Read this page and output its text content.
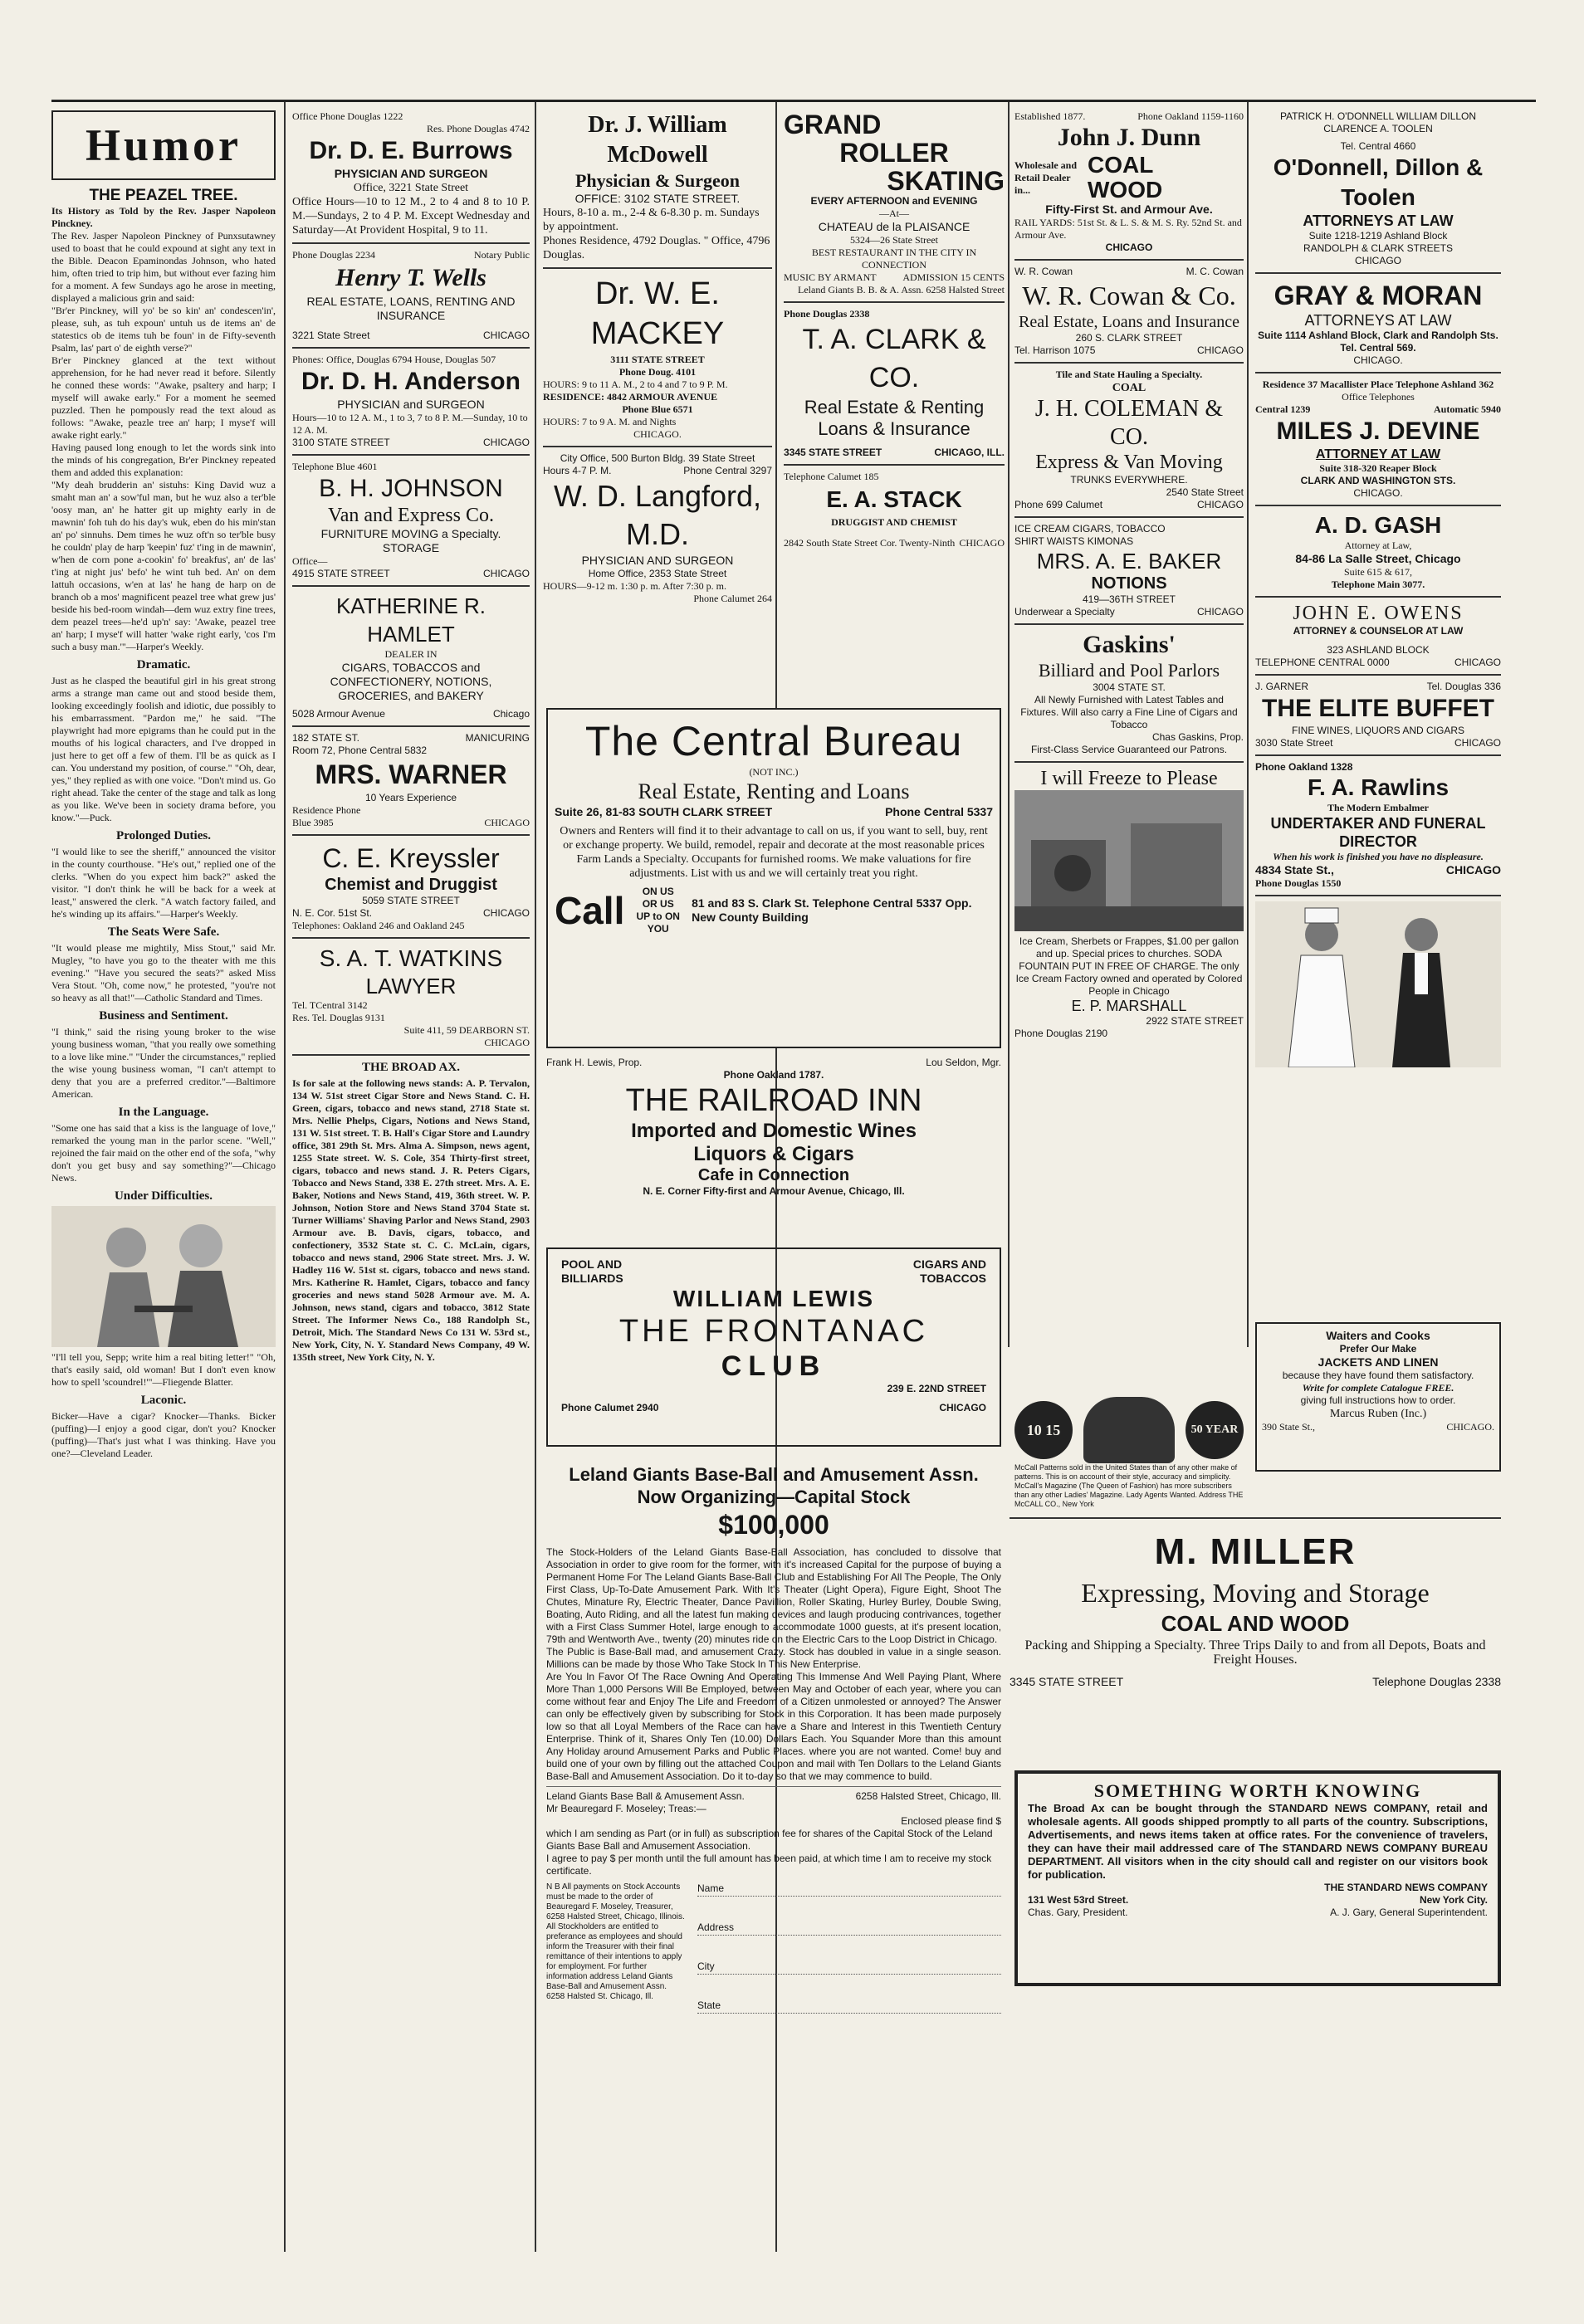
Humor
THE PEAZEL TREE.
Its History as Told by the Rev. Jasper Napoleon Pinckney.
The Rev. Jasper Napoleon Pinckney of Punxsutawney used to boast that he could expound at sight any text in the Bible. Deacon Epaminondas Johnson, who hated him, often tried to trip him, but without ever fazing him for a moment. A few Sundays ago he arose in meeting, displayed a malicious grin and said:
"Br'er Pinckney, will yo' be so kin' an' condescen'in', please, suh, as tuh expoun' untuh us de items an' de statestics ob de items tuh be foun' in de Fifty-seventh Psalm, las' part o' de eighth verse?"
Br'er Pinckney glanced at the text without apprehension, for he had never read it before. Silently he conned these words: "Awake, psaltery and harp; I myself will awake early." For a moment he seemed puzzled. Then he pompously read the text aloud as follows: "Awake, peazle tree an' harp; I myse'f will awake right early."
Having paused long enough to let the words sink into the minds of his congregation, Br'er Pinckney repeated them and added this explanation:
"My deah brudderin an' sistuhs: King David wuz a smaht man an' a sow'ful man, but he wuz also a ter'ble 'oosy man, an' he hatter git up mighty early in de mawnin' foh tuh do his day's wuk, eben do his min'stan an' po' sinnuhs. Dem times he wuz oft'n so ter'ble busy he couldn' play de harp 'keepin' fuz' t'ing in de mawnin', w'hen de corn pone a-cookin' fo' breakfus', an' de las' t'ing at night jus' befo' he wint tuh bed. An' on dem lattuh occasions, w'en at las' he hang de harp on de branch ob a mos' magnificent peazel tree what grew jus' beside his bed-room windah—dem wuz extry fine trees, dem peazel trees—he'd up'n' say: 'Awake, peazel tree an' harp; I myse'f will hatter 'wake right early, 'cos I'm such a busy man.'"—Harper's Weekly.
Dramatic.
Just as he clasped the beautiful girl in his great strong arms a strange man came out and stood beside them, looking exceedingly foolish and idiotic, due possibly to his embarrassment. "Pardon me," he said. "The playwright had more epigrams than he could put in the mouths of his logical characters, and I've dropped in just here to get off a few of them. I'll be as quick as I can. You understand my position, of course." "Oh, dear, yes," they replied as with one voice. "Don't mind us. Go right ahead. Take the center of the stage and talk as long as you like. We've been in society drama before, you know."—Puck.
Prolonged Duties.
"I would like to see the sheriff," announced the visitor in the county courthouse. "He's out," replied one of the clerks. "When do you expect him back?" asked the visitor. "I don't think he will be back for a week at least," answered the clerk. "A watch factory failed, and he's winding up its affairs."—Harper's Weekly.
The Seats Were Safe.
"It would please me mightily, Miss Stout," said Mr. Mugley, "to have you go to the theater with me this evening." "Have you secured the seats?" asked Miss Vera Stout. "Oh, come now," he protested, "you're not so heavy as all that!"—Catholic Standard and Times.
Business and Sentiment.
"I think," said the rising young broker to the wise young business woman, "that you really owe something to a love like mine." "Under the circumstances," replied the wise young business woman, "I can't attempt to deny that you are a preferred creditor."—Baltimore American.
In the Language.
"Some one has said that a kiss is the language of love," remarked the young man in the parlor scene. "Well," rejoined the fair maid on the other end of the sofa, "why don't you get busy and say something?"—Chicago News.
Under Difficulties.
"I'll tell you, Sepp; write him a real biting letter!" "Oh, that's easily said, old woman! But I don't even know how to spell 'scoundrel!'"—Fliegende Blatter.
Laconic.
Bicker—Have a cigar? Knocker—Thanks. Bicker (puffing)—I enjoy a good cigar, don't you? Knocker (puffing)—That's just what I was thinking. Have you one?—Cleveland Leader.
Office Phone Douglas 1222
Res. Phone Douglas 4742
Dr. D. E. Burrows
PHYSICIAN AND SURGEON
Office, 3221 State Street
Office Hours—10 to 12 M., 2 to 4 and 8 to 10 P. M.—Sundays, 2 to 4 P. M. Except Wednesday and Saturday—At Provident Hospital, 9 to 11.
Phone Douglas 2234	Notary Public
Henry T. Wells
REAL ESTATE, LOANS, RENTING AND INSURANCE
3221 State Street	CHICAGO
Phones: Office, Douglas 6794 House, Douglas 507
Dr. D. H. Anderson
PHYSICIAN and SURGEON
Hours—10 to 12 A. M., 1 to 3, 7 to 8 P. M.—Sunday, 10 to 12 A. M.
3100 STATE STREET	CHICAGO
Telephone Blue 4601
B. H. JOHNSON
Van and Express Co.
FURNITURE MOVING a Specialty. STORAGE
Office—
4915 STATE STREET	CHICAGO
KATHERINE R. HAMLET
DEALER IN
CIGARS, TOBACCOS and CONFECTIONERY, NOTIONS, GROCERIES, and BAKERY
5028 Armour Avenue	Chicago
182 STATE ST.	MANICURING
Room 72, Phone Central 5832
MRS. WARNER
10 Years Experience
Residence Phone
Blue 3985	CHICAGO
C. E. Kreyssler
Chemist and Druggist
5059 STATE STREET
N. E. Cor. 51st St.	CHICAGO
Telephones: Oakland 246 and Oakland 245
S. A. T. WATKINS
LAWYER
Tel. TCentral 3142
Res. Tel. Douglas 9131
Suite 411, 59 DEARBORN ST.
CHICAGO
THE BROAD AX.
Is for sale at the following news stands: A. P. Tervalon, 134 W. 51st street Cigar Store and News Stand. C. H. Green, cigars, tobacco and news stand, 2718 State st. Mrs. Nellie Phelps, Cigars, Notions and News Stand, 131 W. 51st street. T. B. Hall's Cigar Store and Laundry office, 381 29th St. Mrs. Alma A. Simpson, news agent, 1255 State street. W. S. Cole, 354 Thirty-first street, cigars, tobacco and news stand. J. R. Peters Cigars, Tobacco and News Stand, 338 E. 27th street. Mrs. A. E. Baker, Notions and News Stand, 419, 36th street. W. P. Johnson, Notion Store and News Stand 3704 State st. Turner Williams' Shaving Parlor and News Stand, 2903 Armour ave. B. Davis, cigars, tobacco, and confectionery, 3532 State st. C. C. McLain, cigars, tobacco and news stand, 2906 State street. Mrs. J. W. Hadley 116 W. 51st st. cigars, tobacco and news stand. Mrs. Katherine R. Hamlet, Cigars, tobacco and fancy groceries and news stand 5028 Armour ave. M. A. Johnson, news stand, cigars and tobacco, 3812 State Street. The Informer News Co., 188 Randolph St., Detroit, Mich. The Standard News Co 131 W. 53rd st., New York, City, N. Y. Standard News Company, 49 W. 135th street, New York City, N. Y.
Dr. J. William McDowell
Physician & Surgeon
OFFICE: 3102 STATE STREET.
Hours, 8-10 a. m., 2-4 & 6-8.30 p. m. Sundays by appointment.
Phones Residence, 4792 Douglas. " Office, 4796 Douglas.
Dr. W. E. MACKEY
3111 STATE STREET
Phone Doug. 4101
HOURS: 9 to 11 A. M., 2 to 4 and 7 to 9 P. M.
RESIDENCE: 4842 ARMOUR AVENUE
Phone Blue 6571
HOURS: 7 to 9 A. M. and Nights
CHICAGO.
City Office, 500 Burton Bldg. 39 State Street
Hours 4-7 P. M.	Phone Central 3297
W. D. Langford, M.D.
PHYSICIAN AND SURGEON
Home Office, 2353 State Street
HOURS—9-12 m. 1:30 p. m. After 7:30 p. m.
Phone Calumet 264
GRAND
ROLLER
SKATING
EVERY AFTERNOON and EVENING
—At—
CHATEAU de la PLAISANCE
5324—26 State Street
BEST RESTAURANT IN THE CITY IN CONNECTION
MUSIC BY ARMANT	ADMISSION 15 CENTS
Leland Giants B. B. & A. Assn. 6258 Halsted Street
Phone Douglas 2338
T. A. CLARK & CO.
Real Estate & Renting
Loans & Insurance
3345 STATE STREET	CHICAGO, ILL.
Telephone Calumet 185
E. A. STACK
DRUGGIST AND CHEMIST
2842 South State Street Cor. Twenty-Ninth CHICAGO
The Central Bureau
(NOT INC.)
Real Estate, Renting and Loans
Suite 26, 81-83 SOUTH CLARK STREET	Phone Central 5337
Owners and Renters will find it to their advantage to call on us, if you want to sell, buy, rent or exchange property. We build, remodel, repair and decorate at the most reasonable prices Farm Lands a Specialty. Occupants for furnished rooms. We make valuations for fire adjustments. List with us and we will certainly treat you right.
Call	ON US OR US UP to ON YOU
81 and 83 S. Clark St. Telephone Central 5337 Opp. New County Building
Frank H. Lewis, Prop.	Lou Seldon, Mgr.
Phone Oakland 1787.
THE RAILROAD INN
Imported and Domestic Wines
Liquors & Cigars
Cafe in Connection
N. E. Corner Fifty-first and Armour Avenue, Chicago, Ill.
POOL AND BILLIARDS
CIGARS AND TOBACCOS
WILLIAM LEWIS
THE FRONTANAC
CLUB
239 E. 22ND STREET
Phone Calumet 2940	CHICAGO
Leland Giants Base-Ball and Amusement Assn.
Now Organizing—Capital Stock
$100,000
The Stock-Holders of the Leland Giants Base-Ball Association, has concluded to dissolve that Association in order to give room for the former, with it's increased Capital for the purpose of buying a Permanent Home For The Leland Giants Base-Ball Club and Establishing For All The People, The Only First Class, Up-To-Date Amusement Park. With It's Theater (Light Opera), Figure Eight, Shoot The Chutes, Minature Ry, Electric Theater, Dance Pavillion, Roller Skating, Hurley Burley, Double Swing, Boating, Auto Riding, and all the latest fun making devices and laugh producing contrivances, together with a First Class Summer Hotel, large enough to accommodate 1000 guests, at it's present location, 79th and Wentworth Ave., twenty (20) minutes ride on the Electric Cars to the Loop District in Chicago.
The Public is Base-Ball mad, and amusement Crazy. Stock has doubled in value in a single season. Millions can be made by those Who Take Stock In This New Enterprise.
Are You In Favor Of The Race Owning And Operating This Immense And Well Paying Plant, Where More Than 1,000 Persons Will Be Employed, between May and October of each year, where you can come without fear and Enjoy The Life and Freedom of a Citizen unmolested or annoyed? The Answer can only be effectively given by subscribing for Stock in this Corporation. It has been made purposely low so that all Loyal Members of the Race can have a Share and Interest in this Twentieth Century Enterprise. Think of it, Shares Only Ten (10.00) Dollars Each. You Squander More than this amount Any Holiday around Amusement Parks and Public Places. where you are not wanted. Come! buy and build one of your own by filling out the attached Coupon and mail with Ten Dollars to the Leland Giants Base-Ball and Amusement Association. Do it to-day so that we may commence to build.
Leland Giants Base Ball & Amusement Assn.	6258 Halsted Street, Chicago, Ill.
Mr Beauregard F. Moseley; Treas:—
Enclosed please find $
which I am sending as Part (or in full) as subscription fee for shares of the Capital Stock of the Leland Giants Base Ball and Amusement Association.
I agree to pay $ per month until the full amount has been paid, at which time I am to receive my stock certificate.
N B All payments on Stock Accounts must be made to the order of Beauregard F. Moseley, Treasurer, 6258 Halsted Street, Chicago, Illinois. All Stockholders are entitled to preferance as employees and should inform the Treasurer with their final remittance of their intentions to apply for employment. For further information address Leland Giants Base-Ball and Amusement Assn. 6258 Halsted St. Chicago, Ill.
Name
Address
City
State
Established 1877.	Phone Oakland 1159-1160
John J. Dunn
Wholesale and Retail Dealer in...
COAL
WOOD
Fifty-First St. and Armour Ave.
RAIL YARDS: 51st St. & L. S. & M. S. Ry. 52nd St. and Armour Ave.
CHICAGO
W. R. Cowan	M. C. Cowan
W. R. Cowan & Co.
Real Estate, Loans and Insurance
260 S. CLARK STREET
Tel. Harrison 1075	CHICAGO
Tile and State Hauling a Specialty.
COAL
J. H. COLEMAN & CO.
Express & Van Moving
TRUNKS EVERYWHERE.
2540 State Street
Phone 699 Calumet	CHICAGO
ICE CREAM CIGARS, TOBACCO
SHIRT WAISTS KIMONAS
MRS. A. E. BAKER
NOTIONS
419—36TH STREET
Underwear a Specialty	CHICAGO
Gaskins'
Billiard and Pool Parlors
3004 STATE ST.
All Newly Furnished with Latest Tables and Fixtures. Will also carry a Fine Line of Cigars and Tobacco
Chas Gaskins, Prop.
First-Class Service Guaranteed our Patrons.
I will Freeze to Please
Ice Cream, Sherbets or Frappes, $1.00 per gallon and up. Special prices to churches. SODA FOUNTAIN PUT IN FREE OF CHARGE. The only Ice Cream Factory owned and operated by Colored People in Chicago
E. P. MARSHALL
2922 STATE STREET
Phone Douglas 2190
10 15	50 YEAR
McCall Patterns sold in the United States than of any other make of patterns. This is on account of their style, accuracy and simplicity. McCall's Magazine (The Queen of Fashion) has more subscribers than any other Ladies' Magazine. Lady Agents Wanted. Address THE McCALL CO., New York
PATRICK H. O'DONNELL WILLIAM DILLON CLARENCE A. TOOLEN
Tel. Central 4660
O'Donnell, Dillon & Toolen
ATTORNEYS AT LAW
Suite 1218-1219 Ashland Block
RANDOLPH & CLARK STREETS
CHICAGO
GRAY & MORAN
ATTORNEYS AT LAW
Suite 1114 Ashland Block, Clark and Randolph Sts. Tel. Central 569.
CHICAGO.
Residence 37 Macallister Place Telephone Ashland 362
Office Telephones
Central 1239	Automatic 5940
MILES J. DEVINE
ATTORNEY AT LAW
Suite 318-320 Reaper Block
CLARK AND WASHINGTON STS.
CHICAGO.
A. D. GASH
Attorney at Law,
84-86 La Salle Street, Chicago
Suite 615 & 617,
Telephone Main 3077.
JOHN E. OWENS
ATTORNEY & COUNSELOR AT LAW
323 ASHLAND BLOCK
TELEPHONE CENTRAL 0000	CHICAGO
J. GARNER	Tel. Douglas 336
THE ELITE BUFFET
FINE WINES, LIQUORS AND CIGARS
3030 State Street	CHICAGO
Phone Oakland 1328
F. A. Rawlins
The Modern Embalmer
UNDERTAKER AND FUNERAL DIRECTOR
When his work is finished you have no displeasure.
4834 State St.,	CHICAGO
Phone Douglas 1550
Waiters and Cooks
Prefer Our Make
JACKETS AND LINEN
because they have found them satisfactory.
Write for complete Catalogue FREE.
giving full instructions how to order.
Marcus Ruben (Inc.)
390 State St.,	CHICAGO.
M. MILLER
Expressing, Moving and Storage
COAL AND WOOD
Packing and Shipping a Specialty. Three Trips Daily to and from all Depots, Boats and Freight Houses.
3345 STATE STREET	Telephone Douglas 2338
SOMETHING WORTH KNOWING
The Broad Ax can be bought through the STANDARD NEWS COMPANY, retail and wholesale agents. All goods shipped promptly to all parts of the country. Subscriptions, Advertisements, and news items taken at office rates. For the convenience of travelers, they can have their mail addressed care of The STANDARD NEWS COMPANY BUREAU DEPARTMENT. All visitors when in the city should call and register on our visitors book for publication.
THE STANDARD NEWS COMPANY
131 West 53rd Street.	New York City.
Chas. Gary, President.	A. J. Gary, General Superintendent.
